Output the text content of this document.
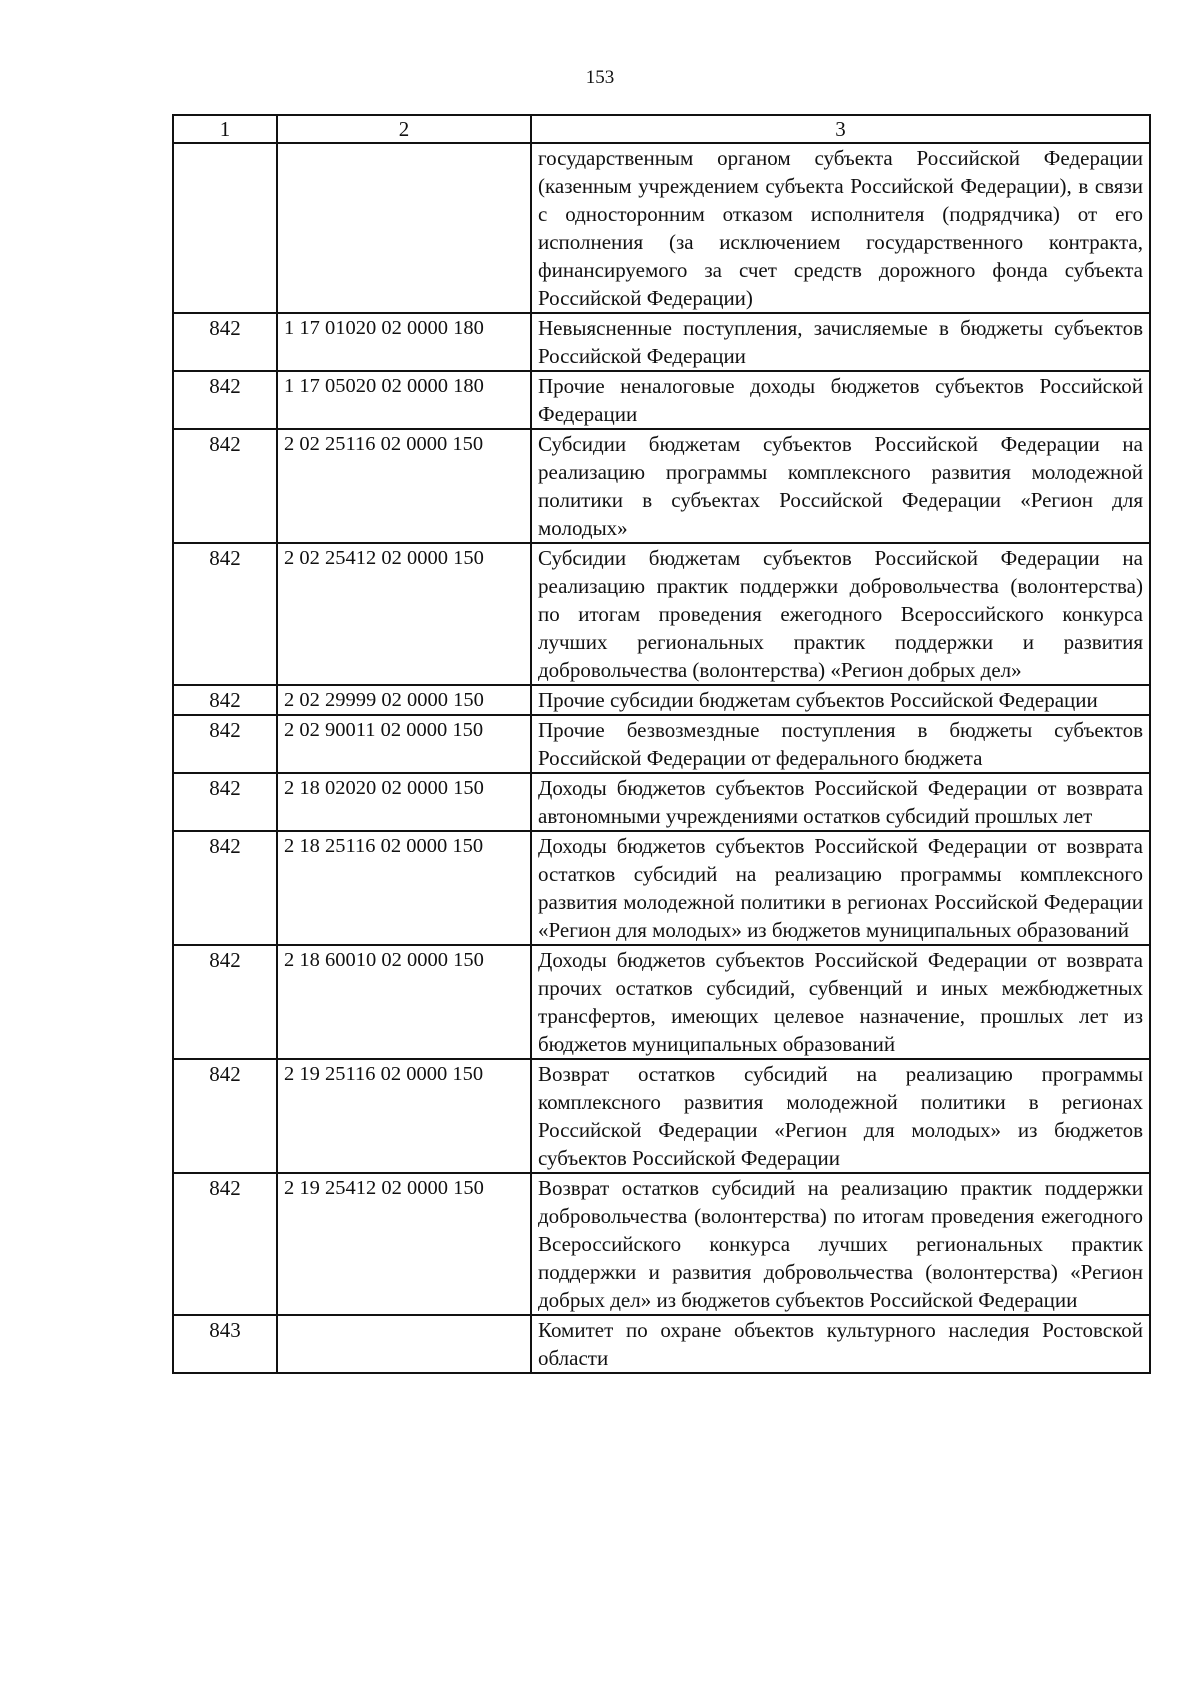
153
1	2	3
		государственным органом субъекта Российской Федерации (казенным учреждением субъекта Российской Федерации), в связи с односторонним отказом исполнителя (подрядчика) от его исполнения (за исключением государственного контракта, финансируемого за счет средств дорожного фонда субъекта Российской Федерации)
842	1 17 01020 02 0000 180	Невыясненные поступления, зачисляемые в бюджеты субъектов Российской Федерации
842	1 17 05020 02 0000 180	Прочие неналоговые доходы бюджетов субъектов Российской Федерации
842	2 02 25116 02 0000 150	Субсидии бюджетам субъектов Российской Федерации на реализацию программы комплексного развития молодежной политики в субъектах Российской Федерации «Регион для молодых»
842	2 02 25412 02 0000 150	Субсидии бюджетам субъектов Российской Федерации на реализацию практик поддержки добровольчества (волонтерства) по итогам проведения ежегодного Всероссийского конкурса лучших региональных практик поддержки и развития добровольчества (волонтерства) «Регион добрых дел»
842	2 02 29999 02 0000 150	Прочие субсидии бюджетам субъектов Российской Федерации
842	2 02 90011 02 0000 150	Прочие безвозмездные поступления в бюджеты субъектов Российской Федерации от федерального бюджета
842	2 18 02020 02 0000 150	Доходы бюджетов субъектов Российской Федерации от возврата автономными учреждениями остатков субсидий прошлых лет
842	2 18 25116 02 0000 150	Доходы бюджетов субъектов Российской Федерации от возврата остатков субсидий на реализацию программы комплексного развития молодежной политики в регионах Российской Федерации «Регион для молодых» из бюджетов муниципальных образований
842	2 18 60010 02 0000 150	Доходы бюджетов субъектов Российской Федерации от возврата прочих остатков субсидий, субвенций и иных межбюджетных трансфертов, имеющих целевое назначение, прошлых лет из бюджетов муниципальных образований
842	2 19 25116 02 0000 150	Возврат остатков субсидий на реализацию программы комплексного развития молодежной политики в регионах Российской Федерации «Регион для молодых» из бюджетов субъектов Российской Федерации
842	2 19 25412 02 0000 150	Возврат остатков субсидий на реализацию практик поддержки добровольчества (волонтерства) по итогам проведения ежегодного Всероссийского конкурса лучших региональных практик поддержки и развития добровольчества (волонтерства) «Регион добрых дел» из бюджетов субъектов Российской Федерации
843		Комитет по охране объектов культурного наследия Ростовской области
